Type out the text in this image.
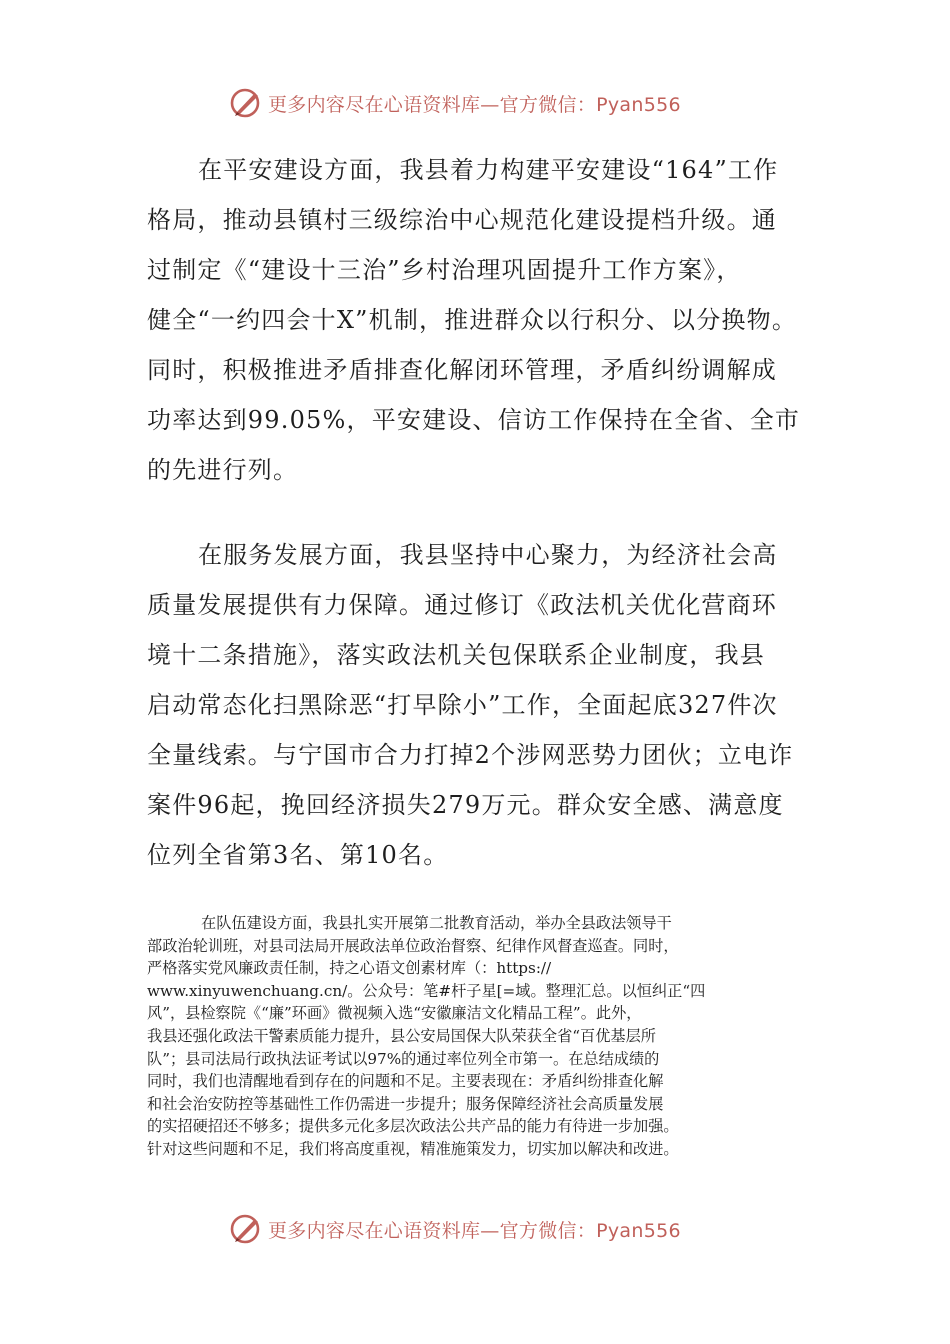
更多内容尽在心语资料库—官方微信：Pyan556
在平安建设方面，我县着力构建平安建设“164”工作
格局，推动县镇村三级综治中心规范化建设提档升级。通
过制定《“建设十三治”乡村治理巩固提升工作方案》，
健全“一约四会十X”机制，推进群众以行积分、以分换物。
同时，积极推进矛盾排查化解闭环管理，矛盾纠纷调解成
功率达到99.05%，平安建设、信访工作保持在全省、全市
的先进行列。
在服务发展方面，我县坚持中心聚力，为经济社会高
质量发展提供有力保障。通过修订《政法机关优化营商环
境十二条措施》，落实政法机关包保联系企业制度，我县
启动常态化扫黑除恶“打早除小”工作，全面起底327件次
全量线索。与宁国市合力打掉2个涉网恶势力团伙；立电诈
案件96起，挽回经济损失279万元。群众安全感、满意度
位列全省第3名、第10名。
在队伍建设方面，我县扎实开展第二批教育活动，举办全县政法领导干
部政治轮训班，对县司法局开展政法单位政治督察、纪律作风督查巡查。同时，
严格落实党风廉政责任制，持之心语文创素材库（：https://
www.xinyuwenchuang.cn/。公众号：笔#杆子星[=域。整理汇总。以恒纠正“四
风”，县检察院《“廉”环画》微视频入选“安徽廉洁文化精品工程”。此外，
我县还强化政法干警素质能力提升，县公安局国保大队荣获全省“百优基层所
队”；县司法局行政执法证考试以97%的通过率位列全市第一。在总结成绩的
同时，我们也清醒地看到存在的问题和不足。主要表现在：矛盾纠纷排查化解
和社会治安防控等基础性工作仍需进一步提升；服务保障经济社会高质量发展
的实招硬招还不够多；提供多元化多层次政法公共产品的能力有待进一步加强。
针对这些问题和不足，我们将高度重视，精准施策发力，切实加以解决和改进。
更多内容尽在心语资料库—官方微信：Pyan556
